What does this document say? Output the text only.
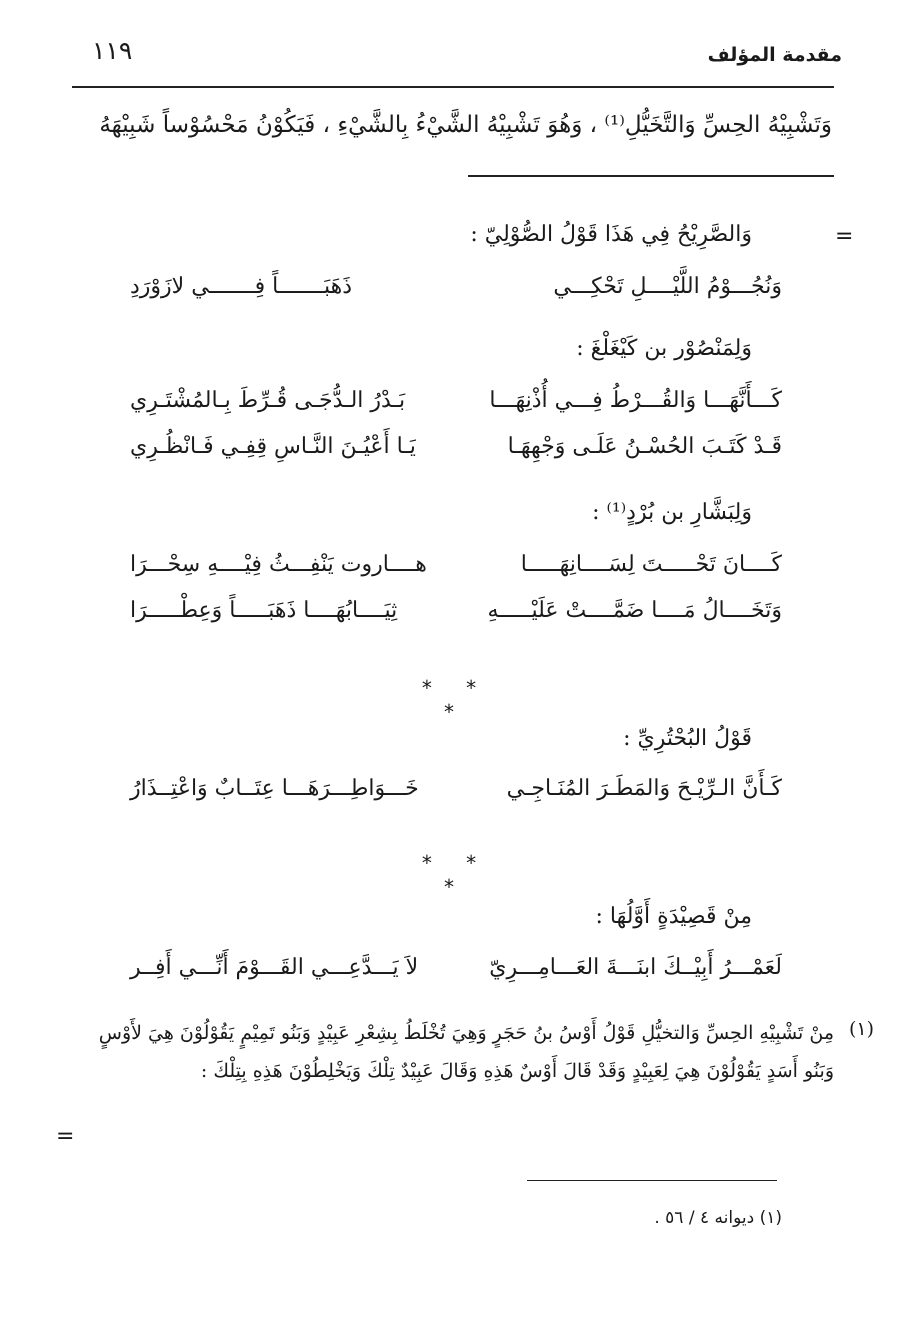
مقدمة المؤلف
١١٩
وَتَشْبِيْهُ الحِسِّ وَالتَّخَيُّلِ⁽¹⁾ ، وَهُوَ تَشْبِيْهُ الشَّيْءُ بِالشَّيْءِ ، فَيَكُوْنُ مَحْسُوْساً شَبِيْهَهُ
=
وَالصَّرِيْحُ فِي هَذَا قَوْلُ الصُّوْلِيّ :
وَنُجُـــوْمُ اللَّيْــــلِ تَحْكِـــي
ذَهَبَـــــــاً فِـــــــي لازَوْرَدِ
وَلِمَنْصُوْر بن كَيْغَلْغَ :
كَـــأَنَّهَـــا وَالقُـــرْطُ فِـــي أُذْنِهَـــا
بَـدْرُ الـدُّجَـى قُـرِّطَ بِـالمُشْتَـرِي
قَـدْ كَتَـبَ الحُسْـنُ عَلَـى وَجْهِهَـا
يَـا أَعْيُـنَ النَّـاسِ قِفِـي فَـانْظُـرِي
وَلِبَشَّارِ بن بُرْدٍ⁽¹⁾ :
كَــــانَ تَحْـــــتَ لِسَــــانِهَـــــا
هــــاروت يَنْفِـــثُ فِيْــــهِ سِحْـــرَا
وَتَخَــــالُ مَــــا ضَمَّــــتْ عَلَيْـــــهِ
ثِيَــــابُهَــــا ذَهَبَـــــاً وَعِطْـــــرَا
* * *
قَوْلُ البُحْتُرِيِّ :
كَـأَنَّ الـرِّيْـحَ وَالمَطَـرَ المُنَـاجِـي
خَـــوَاطِـــرَهَـــا عِتَــابٌ وَاعْتِــذَارُ
* * *
مِنْ قَصِيْدَةٍ أَوَّلُهَا :
لَعَمْـــرُ أَبِيْــكَ ابنَـــةَ العَـــامِـــرِيّ
لاَ يَـــدَّعِـــي القَـــوْمَ أَنِّـــي أَفِــر
(١)
مِنْ تَشْبِيْهِ الحِسِّ وَالتخيُّلِ قَوْلُ أَوْسُ بنُ حَجَرٍ وَهِيَ تُخْلَطُ بِشِعْرِ عَبِيْدٍ وَبَنُو تَمِيْمٍ يَقُوْلُوْنَ هِيَ لأَوْسٍ وَبَنُو أَسَدٍ يَقُوْلُوْنَ هِيَ لِعَبِيْدٍ وَقَدْ قَالَ أَوْسٌ هَذِهِ وَقَالَ عَبِيْدٌ تِلْكَ وَيَخْلِطُوْنَ هَذِهِ بِتِلْكَ :
=
(١) ديوانه ٤ / ٥٦ .
